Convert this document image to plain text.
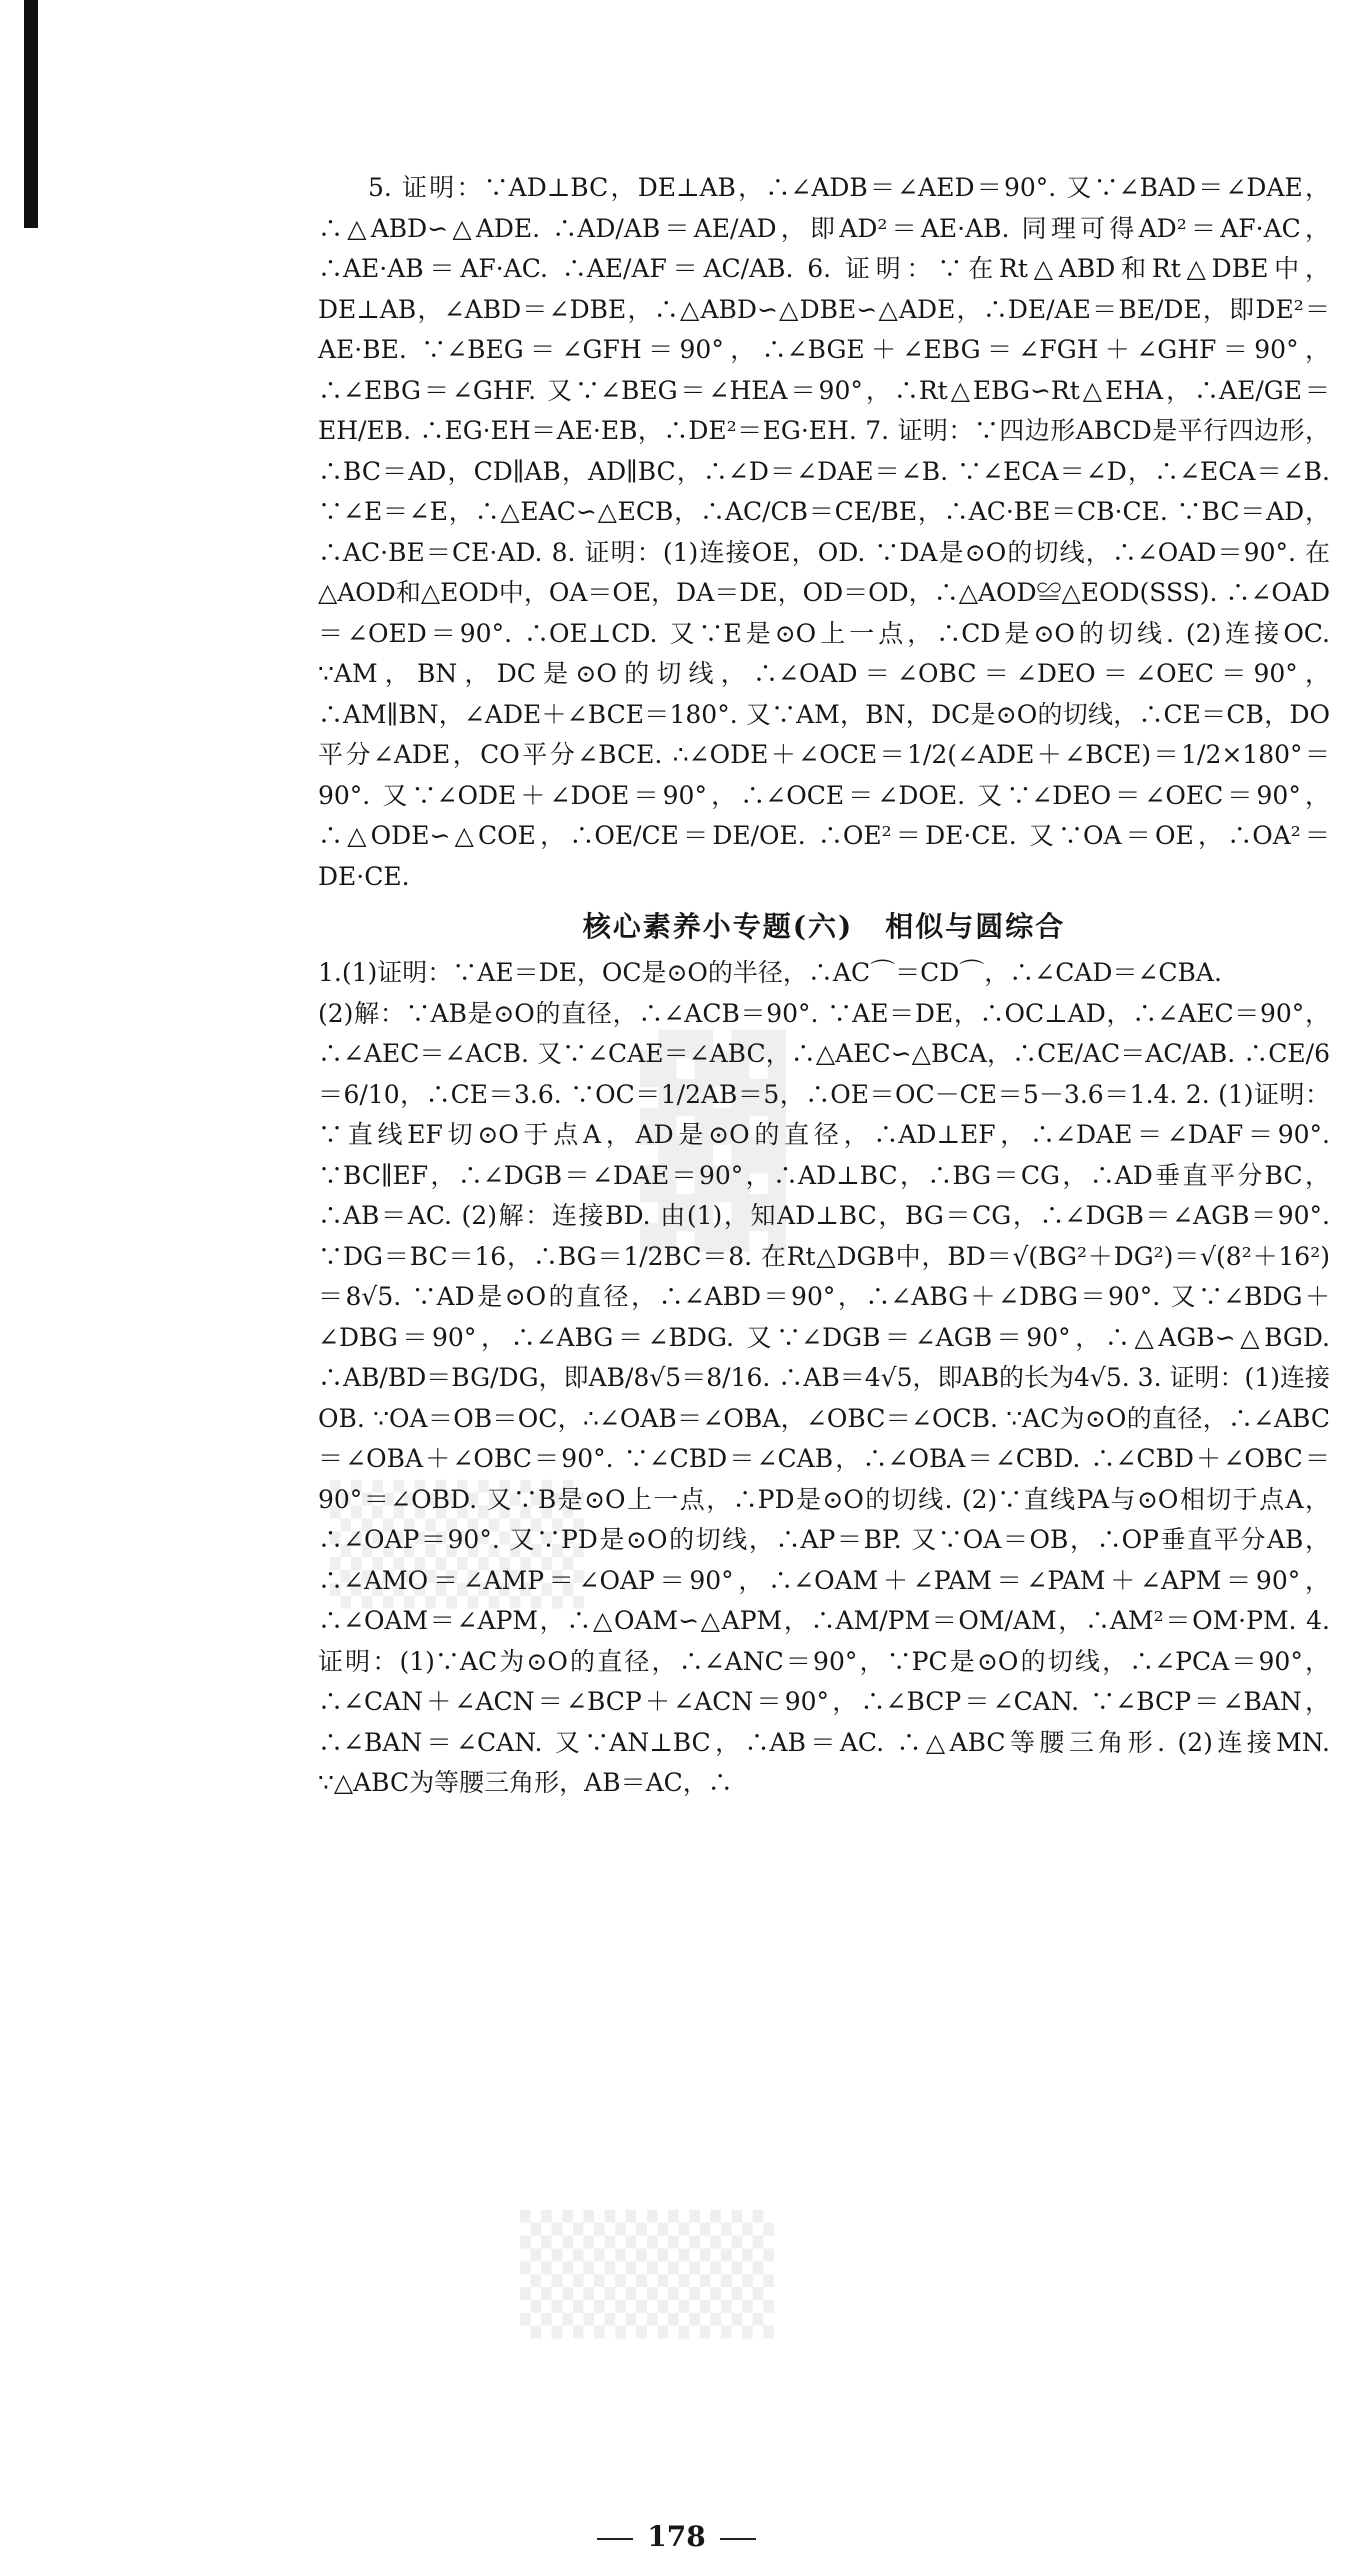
▓
▒▒▒
▒▒▒

5. 证明：∵AD⊥BC，DE⊥AB，∴∠ADB＝∠AED＝90°. 又∵∠BAD＝∠DAE，∴△ABD∽△ADE. ∴AD/AB＝AE/AD，即AD²＝AE·AB. 同理可得AD²＝AF·AC，∴AE·AB＝AF·AC. ∴AE/AF＝AC/AB. 6. 证明：∵在Rt△ABD和Rt△DBE中，DE⊥AB，∠ABD＝∠DBE，∴△ABD∽△DBE∽△ADE，∴DE/AE＝BE/DE，即DE²＝AE·BE. ∵∠BEG＝∠GFH＝90°，∴∠BGE＋∠EBG＝∠FGH＋∠GHF＝90°，∴∠EBG＝∠GHF. 又∵∠BEG＝∠HEA＝90°，∴Rt△EBG∽Rt△EHA，∴AE/GE＝EH/EB. ∴EG·EH＝AE·EB，∴DE²＝EG·EH. 7. 证明：∵四边形ABCD是平行四边形，∴BC＝AD，CD∥AB，AD∥BC，∴∠D＝∠DAE＝∠B. ∵∠ECA＝∠D，∴∠ECA＝∠B. ∵∠E＝∠E，∴△EAC∽△ECB，∴AC/CB＝CE/BE，∴AC·BE＝CB·CE. ∵BC＝AD，∴AC·BE＝CE·AD. 8. 证明：(1)连接OE，OD. ∵DA是⊙O的切线，∴∠OAD＝90°. 在△AOD和△EOD中，OA＝OE，DA＝DE，OD＝OD，∴△AOD≌△EOD(SSS). ∴∠OAD＝∠OED＝90°. ∴OE⊥CD. 又∵E是⊙O上一点，∴CD是⊙O的切线. (2)连接OC. ∵AM，BN，DC是⊙O的切线，∴∠OAD＝∠OBC＝∠DEO＝∠OEC＝90°，∴AM∥BN，∠ADE＋∠BCE＝180°. 又∵AM，BN，DC是⊙O的切线，∴CE＝CB，DO平分∠ADE，CO平分∠BCE. ∴∠ODE＋∠OCE＝1/2(∠ADE＋∠BCE)＝1/2×180°＝90°. 又∵∠ODE＋∠DOE＝90°，∴∠OCE＝∠DOE. 又∵∠DEO＝∠OEC＝90°，∴△ODE∽△COE，∴OE/CE＝DE/OE. ∴OE²＝DE·CE. 又∵OA＝OE，∴OA²＝DE·CE.

核心素养小专题(六) 相似与圆综合

1.(1)证明：∵AE＝DE，OC是⊙O的半径，∴AC⌒＝CD⌒，∴∠CAD＝∠CBA.

(2)解：∵AB是⊙O的直径，∴∠ACB＝90°. ∵AE＝DE，∴OC⊥AD，∴∠AEC＝90°，∴∠AEC＝∠ACB. 又∵∠CAE＝∠ABC，∴△AEC∽△BCA，∴CE/AC＝AC/AB. ∴CE/6＝6/10，∴CE＝3.6. ∵OC＝1/2AB＝5，∴OE＝OC－CE＝5－3.6＝1.4. 2. (1)证明：∵直线EF切⊙O于点A，AD是⊙O的直径，∴AD⊥EF，∴∠DAE＝∠DAF＝90°. ∵BC∥EF，∴∠DGB＝∠DAE＝90°，∴AD⊥BC，∴BG＝CG，∴AD垂直平分BC，∴AB＝AC. (2)解：连接BD. 由(1)，知AD⊥BC，BG＝CG，∴∠DGB＝∠AGB＝90°. ∵DG＝BC＝16，∴BG＝1/2BC＝8. 在Rt△DGB中，BD＝√(BG²＋DG²)＝√(8²＋16²)＝8√5. ∵AD是⊙O的直径，∴∠ABD＝90°，∴∠ABG＋∠DBG＝90°. 又∵∠BDG＋∠DBG＝90°，∴∠ABG＝∠BDG. 又∵∠DGB＝∠AGB＝90°，∴△AGB∽△BGD. ∴AB/BD＝BG/DG，即AB/8√5＝8/16. ∴AB＝4√5，即AB的长为4√5. 3. 证明：(1)连接OB. ∵OA＝OB＝OC，∴∠OAB＝∠OBA，∠OBC＝∠OCB. ∵AC为⊙O的直径，∴∠ABC＝∠OBA＋∠OBC＝90°. ∵∠CBD＝∠CAB，∴∠OBA＝∠CBD. ∴∠CBD＋∠OBC＝90°＝∠OBD. 又∵B是⊙O上一点，∴PD是⊙O的切线. (2)∵直线PA与⊙O相切于点A，∴∠OAP＝90°. 又∵PD是⊙O的切线，∴AP＝BP. 又∵OA＝OB，∴OP垂直平分AB，∴∠AMO＝∠AMP＝∠OAP＝90°，∴∠OAM＋∠PAM＝∠PAM＋∠APM＝90°，∴∠OAM＝∠APM，∴△OAM∽△APM，∴AM/PM＝OM/AM，∴AM²＝OM·PM. 4. 证明：(1)∵AC为⊙O的直径，∴∠ANC＝90°，∵PC是⊙O的切线，∴∠PCA＝90°，∴∠CAN＋∠ACN＝∠BCP＋∠ACN＝90°，∴∠BCP＝∠CAN. ∵∠BCP＝∠BAN，∴∠BAN＝∠CAN. 又∵AN⊥BC，∴AB＝AC. ∴△ABC等腰三角形. (2)连接MN. ∵△ABC为等腰三角形，AB＝AC，∴

178
